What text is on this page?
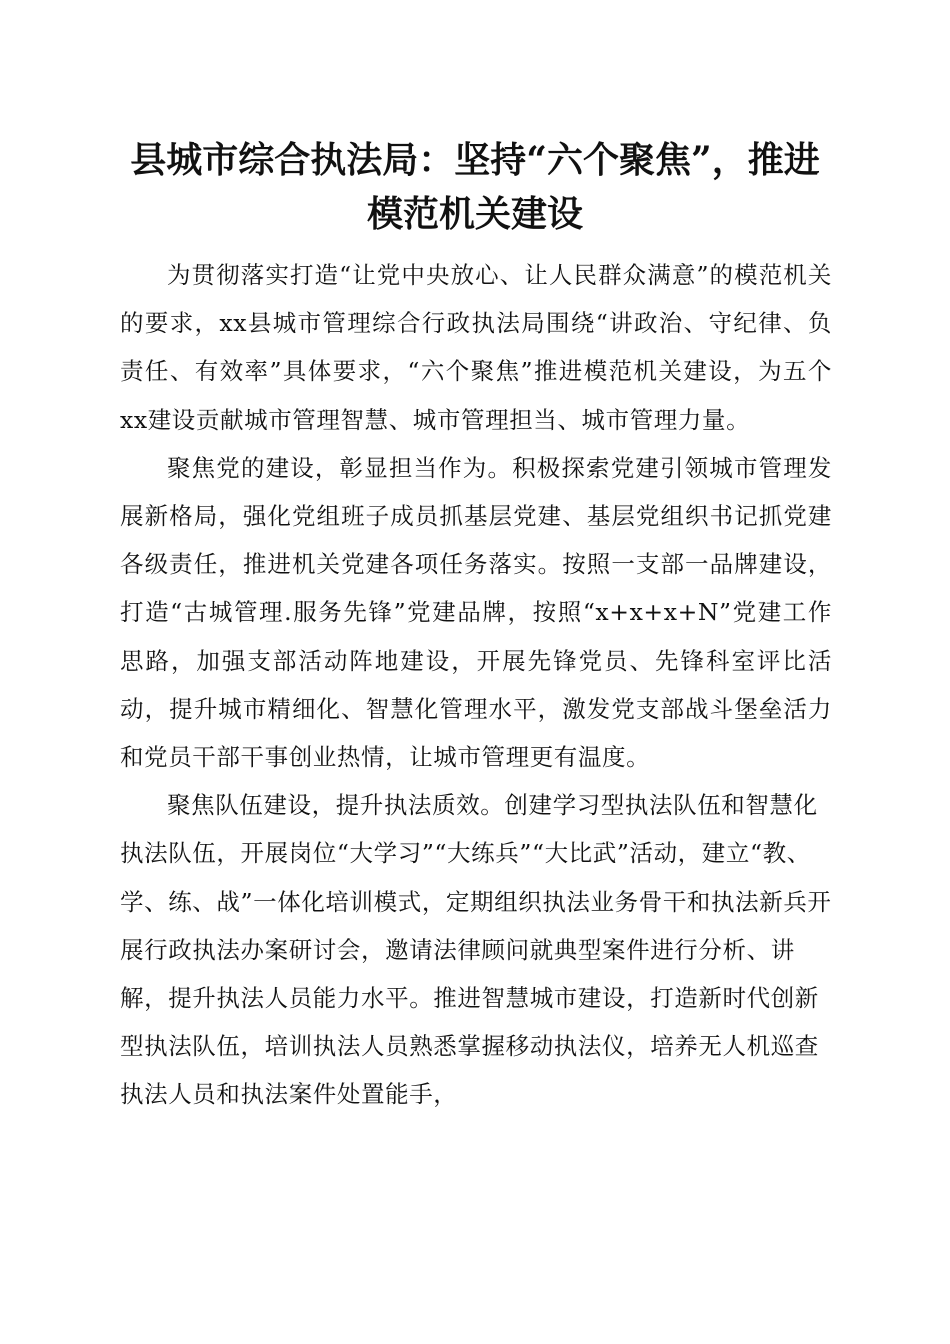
县城市综合执法局：坚持“六个聚焦”，推进
模范机关建设

为贯彻落实打造“让党中央放心、让人民群众满意”的模范机关的要求，xx县城市管理综合行政执法局围绕“讲政治、守纪律、负责任、有效率”具体要求，“六个聚焦”推进模范机关建设，为五个xx建设贡献城市管理智慧、城市管理担当、城市管理力量。

聚焦党的建设，彰显担当作为。积极探索党建引领城市管理发展新格局，强化党组班子成员抓基层党建、基层党组织书记抓党建各级责任，推进机关党建各项任务落实。按照一支部一品牌建设，打造“古城管理.服务先锋”党建品牌，按照“x+x+x+N”党建工作思路，加强支部活动阵地建设，开展先锋党员、先锋科室评比活动，提升城市精细化、智慧化管理水平，激发党支部战斗堡垒活力和党员干部干事创业热情，让城市管理更有温度。

聚焦队伍建设，提升执法质效。创建学习型执法队伍和智慧化执法队伍，开展岗位“大学习”“大练兵”“大比武”活动，建立“教、学、练、战”一体化培训模式，定期组织执法业务骨干和执法新兵开展行政执法办案研讨会，邀请法律顾问就典型案件进行分析、讲解，提升执法人员能力水平。推进智慧城市建设，打造新时代创新型执法队伍，培训执法人员熟悉掌握移动执法仪，培养无人机巡查执法人员和执法案件处置能手，
